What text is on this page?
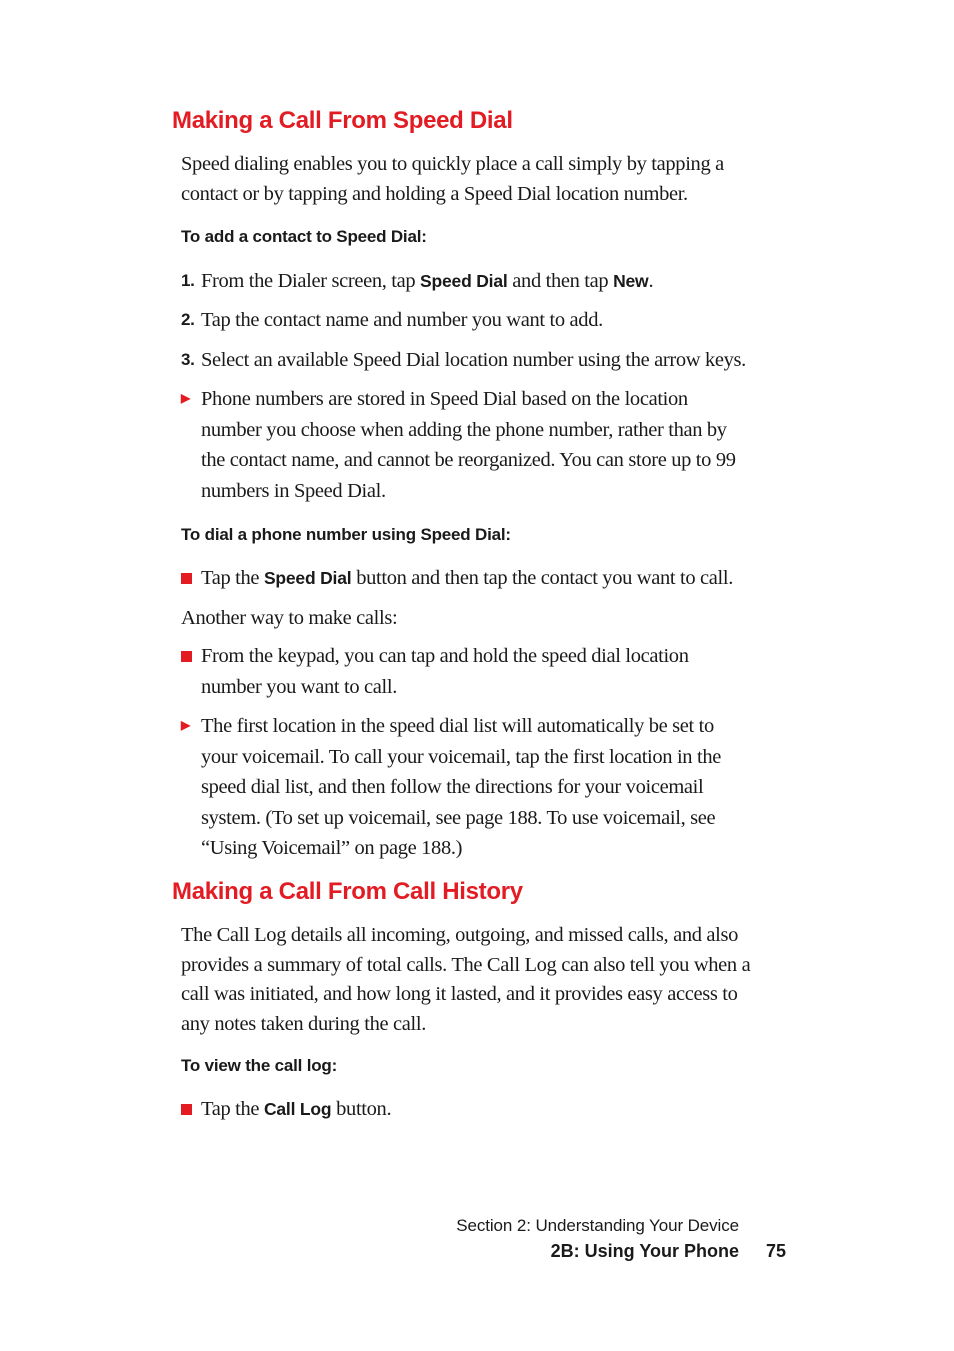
Making a Call From Speed Dial

Speed dialing enables you to quickly place a call simply by tapping a contact or by tapping and holding a Speed Dial location number.

To add a contact to Speed Dial:

1. From the Dialer screen, tap Speed Dial and then tap New.
2. Tap the contact name and number you want to add.
3. Select an available Speed Dial location number using the arrow keys.
▶ Phone numbers are stored in Speed Dial based on the location number you choose when adding the phone number, rather than by the contact name, and cannot be reorganized. You can store up to 99 numbers in Speed Dial.

To dial a phone number using Speed Dial:

Tap the Speed Dial button and then tap the contact you want to call.

Another way to make calls:

From the keypad, you can tap and hold the speed dial location number you want to call.
▶ The first location in the speed dial list will automatically be set to your voicemail. To call your voicemail, tap the first location in the speed dial list, and then follow the directions for your voicemail system. (To set up voicemail, see page 188. To use voicemail, see “Using Voicemail” on page 188.)
Making a Call From Call History

The Call Log details all incoming, outgoing, and missed calls, and also provides a summary of total calls. The Call Log can also tell you when a call was initiated, and how long it lasted, and it provides easy access to any notes taken during the call.

To view the call log:

Tap the Call Log button.
Section 2: Understanding Your Device
2B: Using Your Phone 75
